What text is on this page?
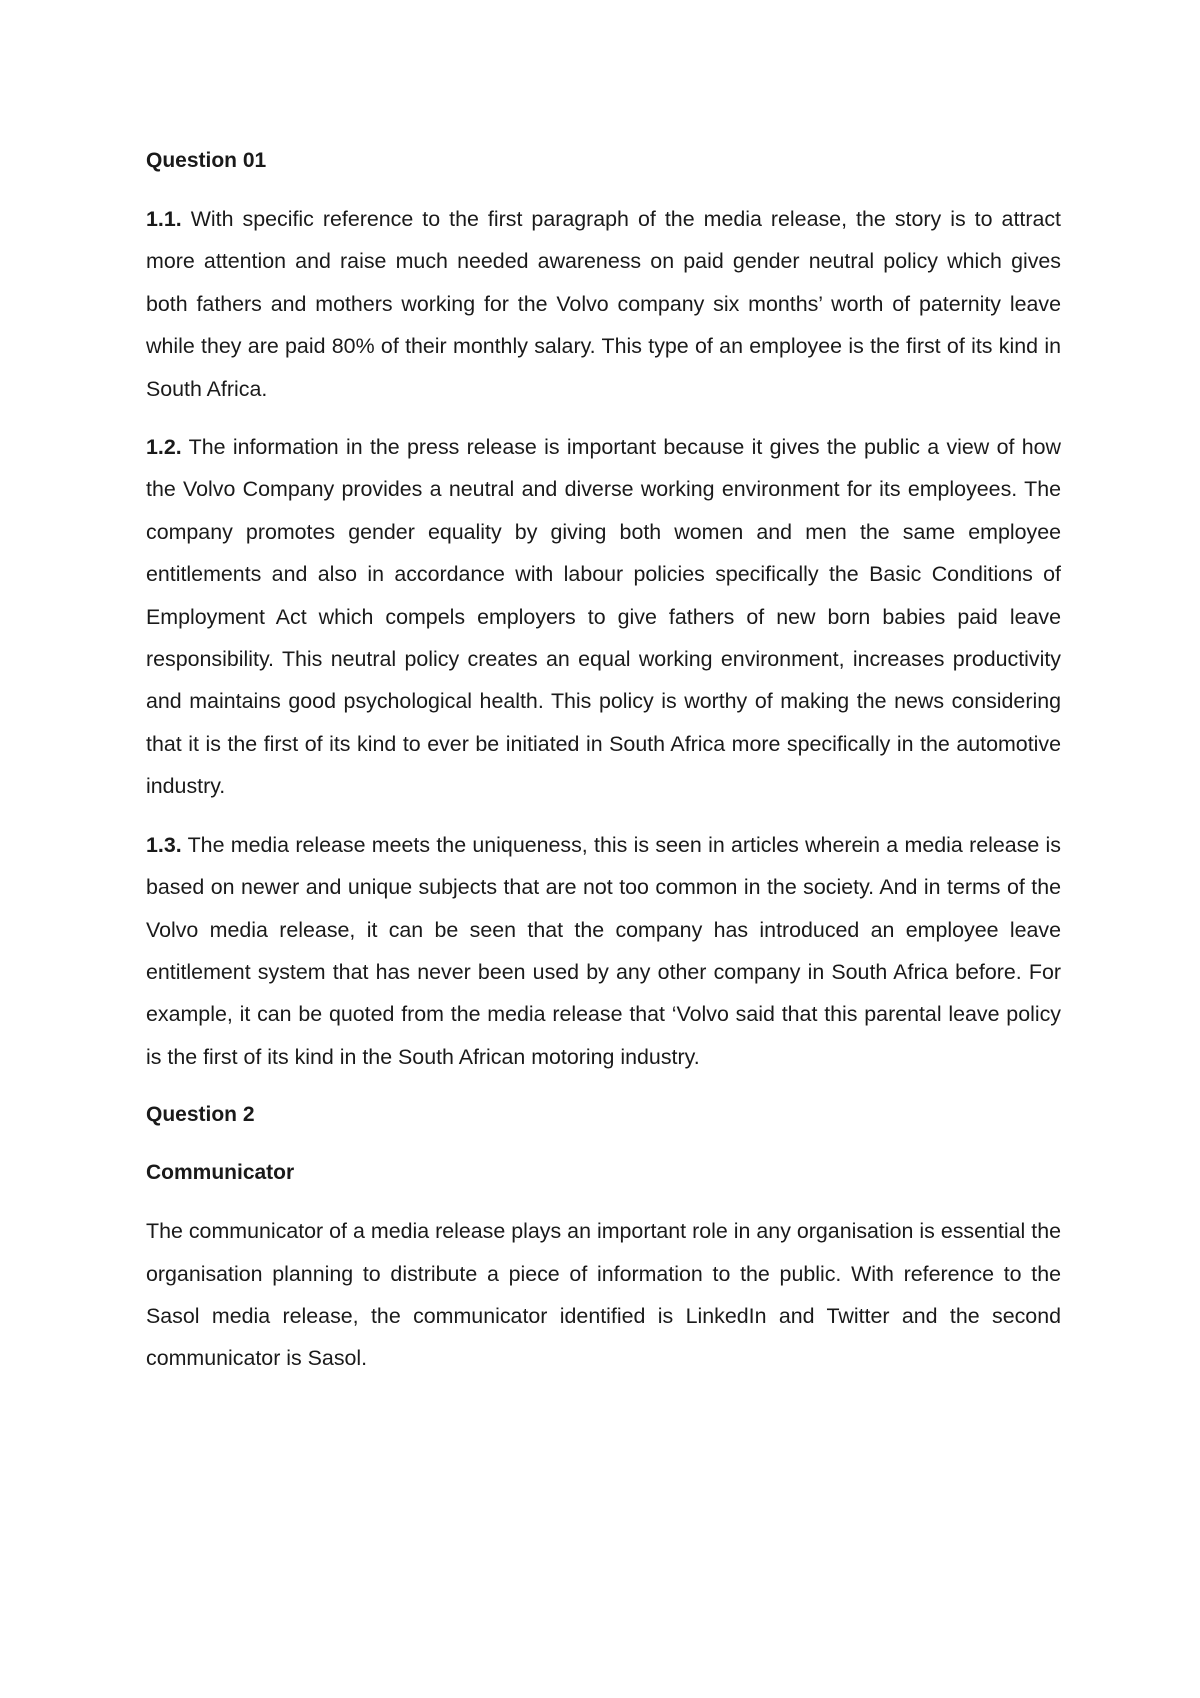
Question 01

1.1. With specific reference to the first paragraph of the media release, the story is to attract more attention and raise much needed awareness on paid gender neutral policy which gives both fathers and mothers working for the Volvo company six months’ worth of paternity leave while they are paid 80% of their monthly salary. This type of an employee is the first of its kind in South Africa.

1.2. The information in the press release is important because it gives the public a view of how the Volvo Company provides a neutral and diverse working environment for its employees. The company promotes gender equality by giving both women and men the same employee entitlements and also in accordance with labour policies specifically the Basic Conditions of Employment Act which compels employers to give fathers of new born babies paid leave responsibility. This neutral policy creates an equal working environment, increases productivity and maintains good psychological health. This policy is worthy of making the news considering that it is the first of its kind to ever be initiated in South Africa more specifically in the automotive industry.

1.3. The media release meets the uniqueness, this is seen in articles wherein a media release is based on newer and unique subjects that are not too common in the society. And in terms of the Volvo media release, it can be seen that the company has introduced an employee leave entitlement system that has never been used by any other company in South Africa before. For example, it can be quoted from the media release that ‘Volvo said that this parental leave policy is the first of its kind in the South African motoring industry.

Question 2
Communicator

The communicator of a media release plays an important role in any organisation is essential the organisation planning to distribute a piece of information to the public. With reference to the Sasol media release, the communicator identified is LinkedIn and Twitter and the second communicator is Sasol.
